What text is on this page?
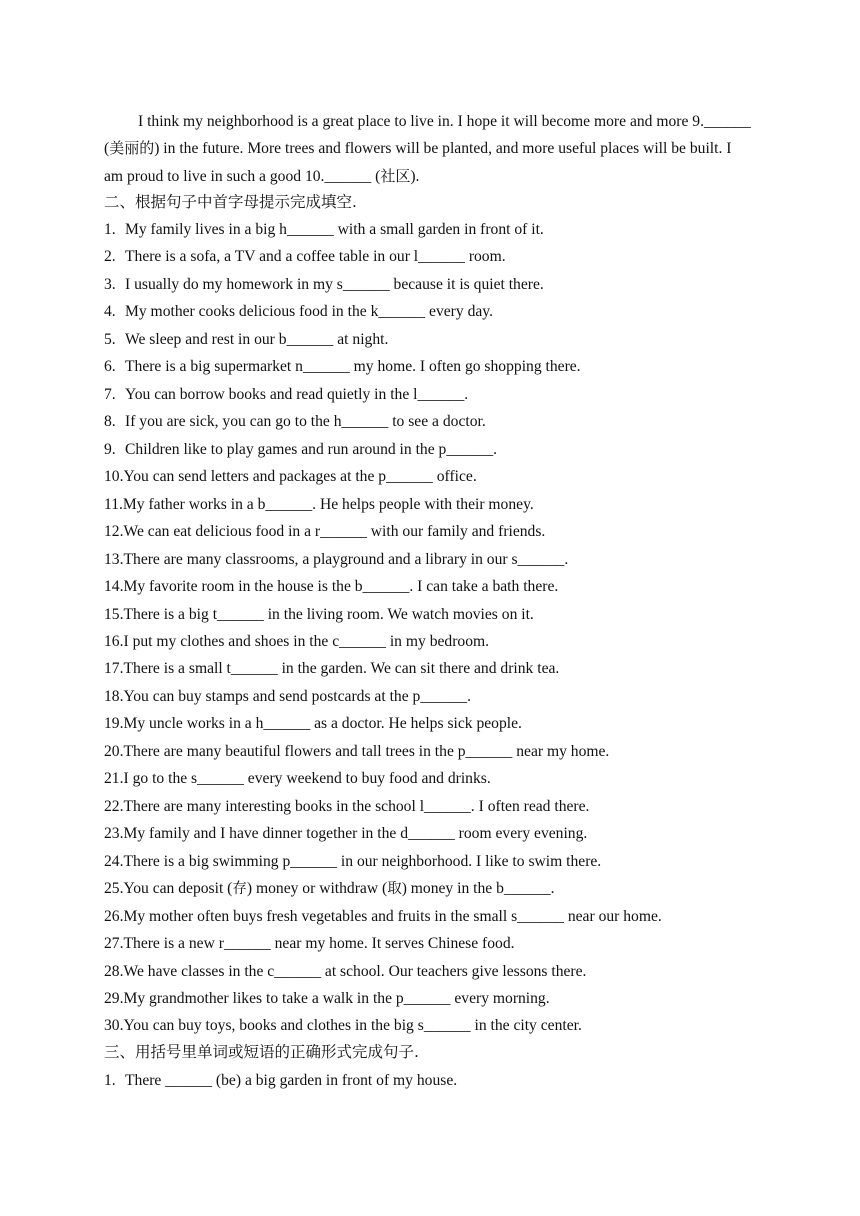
I think my neighborhood is a great place to live in. I hope it will become more and more 9.______ (美丽的) in the future. More trees and flowers will be planted, and more useful places will be built. I am proud to live in such a good 10.______ (社区).

二、根据句子中首字母提示完成填空.
1. My family lives in a big h______ with a small garden in front of it.
2. There is a sofa, a TV and a coffee table in our l______ room.
3. I usually do my homework in my s______ because it is quiet there.
4. My mother cooks delicious food in the k______ every day.
5. We sleep and rest in our b______ at night.
6. There is a big supermarket n______ my home. I often go shopping there.
7. You can borrow books and read quietly in the l______.
8. If you are sick, you can go to the h______ to see a doctor.
9. Children like to play games and run around in the p______.
10.You can send letters and packages at the p______ office.
11.My father works in a b______. He helps people with their money.
12.We can eat delicious food in a r______ with our family and friends.
13.There are many classrooms, a playground and a library in our s______.
14.My favorite room in the house is the b______. I can take a bath there.
15.There is a big t______ in the living room. We watch movies on it.
16.I put my clothes and shoes in the c______ in my bedroom.
17.There is a small t______ in the garden. We can sit there and drink tea.
18.You can buy stamps and send postcards at the p______.
19.My uncle works in a h______ as a doctor. He helps sick people.
20.There are many beautiful flowers and tall trees in the p______ near my home.
21.I go to the s______ every weekend to buy food and drinks.
22.There are many interesting books in the school l______. I often read there.
23.My family and I have dinner together in the d______ room every evening.
24.There is a big swimming p______ in our neighborhood. I like to swim there.
25.You can deposit (存) money or withdraw (取) money in the b______.
26.My mother often buys fresh vegetables and fruits in the small s______ near our home.
27.There is a new r______ near my home. It serves Chinese food.
28.We have classes in the c______ at school. Our teachers give lessons there.
29.My grandmother likes to take a walk in the p______ every morning.
30.You can buy toys, books and clothes in the big s______ in the city center.
三、用括号里单词或短语的正确形式完成句子.
1. There ______ (be) a big garden in front of my house.
